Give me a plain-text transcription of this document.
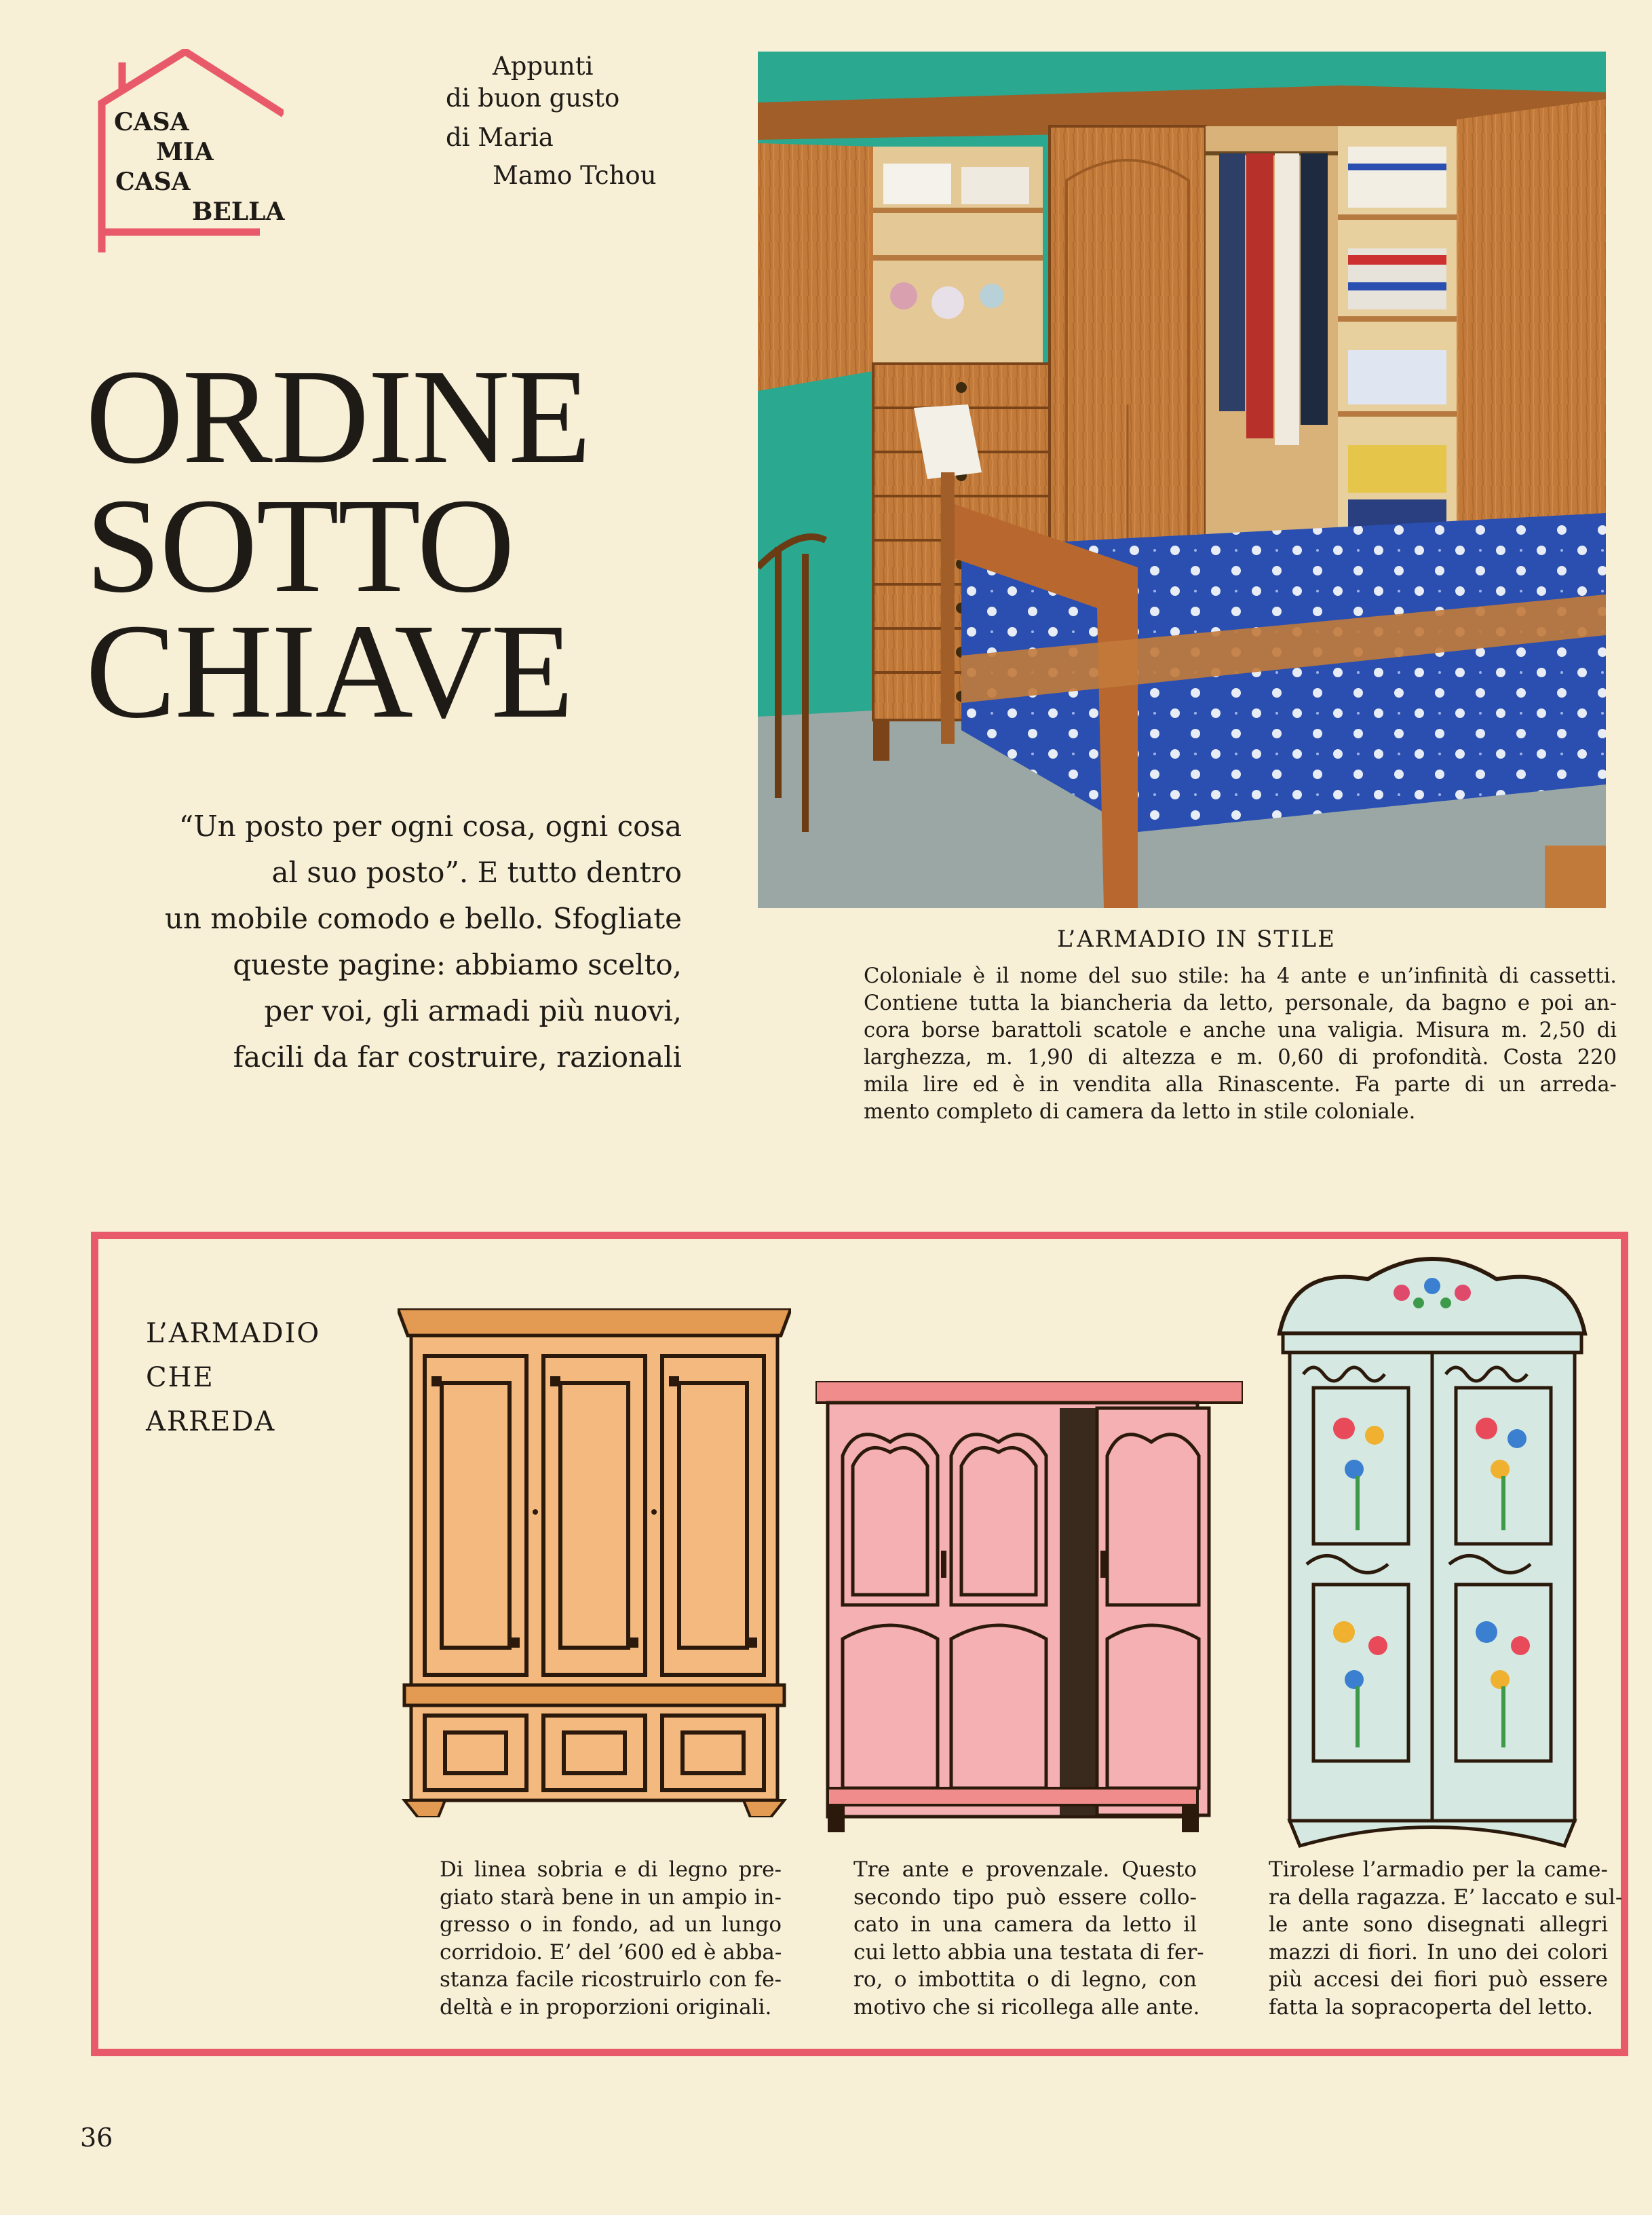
CASA
MIA
CASA
BELLA
Appunti
di buon gusto
di Maria
Mamo Tchou
ORDINE
SOTTO
CHIAVE
“Un posto per ogni cosa, ogni cosa
al suo posto”. E tutto dentro
un mobile comodo e bello. Sfogliate
queste pagine: abbiamo scelto,
per voi, gli armadi più nuovi,
facili da far costruire, razionali
L’ARMADIO IN STILE
Coloniale è il nome del suo stile: ha 4 ante e un’infinità di cassetti.
Contiene tutta la biancheria da letto, personale, da bagno e poi an-
cora borse barattoli scatole e anche una valigia. Misura m. 2,50 di
larghezza, m. 1,90 di altezza e m. 0,60 di profondità. Costa 220
mila lire ed è in vendita alla Rinascente. Fa parte di un arreda-
mento completo di camera da letto in stile coloniale.
L’ARMADIO
CHE
ARREDA
Di linea sobria e di legno pre-
giato starà bene in un ampio in-
gresso o in fondo, ad un lungo
corridoio. E’ del ’600 ed è abba-
stanza facile ricostruirlo con fe-
deltà e in proporzioni originali.
Tre ante e provenzale. Questo
secondo tipo può essere collo-
cato in una camera da letto il
cui letto abbia una testata di fer-
ro, o imbottita o di legno, con
motivo che si ricollega alle ante.
Tirolese l’armadio per la came-
ra della ragazza. E’ laccato e sul-
le ante sono disegnati allegri
mazzi di fiori. In uno dei colori
più accesi dei fiori può essere
fatta la sopracoperta del letto.
36
